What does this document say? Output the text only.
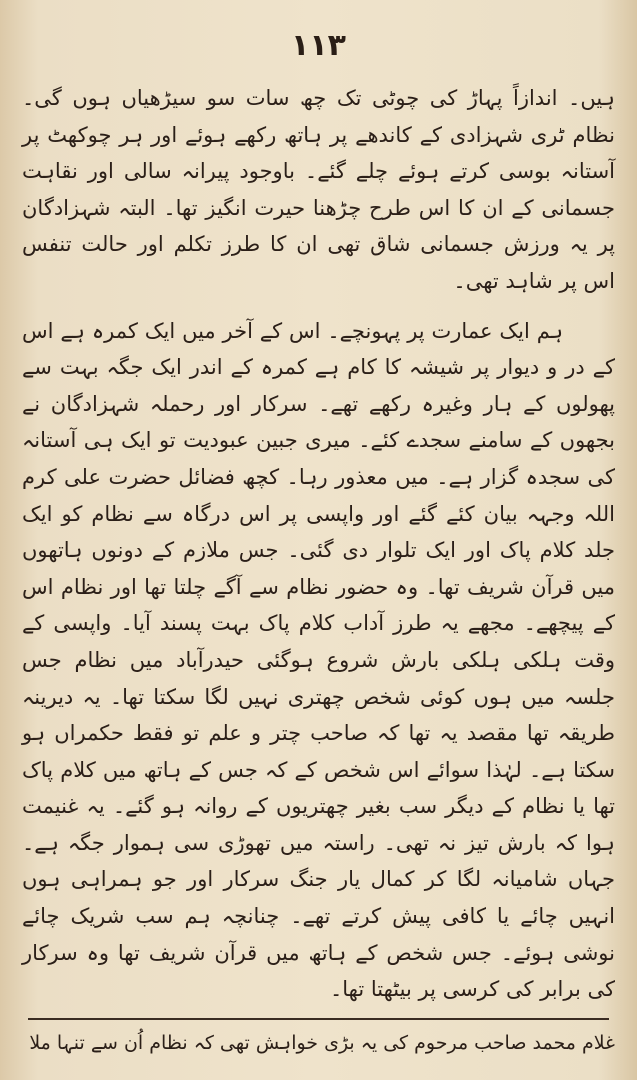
۱۱۳

ہیں۔ اندازاً پہاڑ کی چوٹی تک چھ سات سو سیڑھیاں ہوں گی۔ نظام ٹری شہزادی کے کاندھے پر ہاتھ رکھے ہوئے اور ہر چوکھٹ پر آستانہ بوسی کرتے ہوئے چلے گئے۔ باوجود پیرانہ سالی اور نقاہت جسمانی کے ان کا اس طرح چڑھنا حیرت انگیز تھا۔ البتہ شہزادگان پر یہ ورزش جسمانی شاق تھی ان کا طرز تکلم اور حالت تنفس اس پر شاہد تھی۔

ہم ایک عمارت پر پہونچے۔ اس کے آخر میں ایک کمرہ ہے اس کے در و دیوار پر شیشہ کا کام ہے کمرہ کے اندر ایک جگہ بہت سے پھولوں کے ہار وغیرہ رکھے تھے۔ سرکار اور رحملہ شہزادگان نے بجھوں کے سامنے سجدے کئے۔ میری جبین عبودیت تو ایک ہی آستانہ کی سجدہ گزار ہے۔ میں معذور رہا۔ کچھ فضائل حضرت علی کرم اللہ وجہہ بیان کئے گئے اور واپسی پر اس درگاہ سے نظام کو ایک جلد کلام پاک اور ایک تلوار دی گئی۔ جس ملازم کے دونوں ہاتھوں میں قرآن شریف تھا۔ وہ حضور نظام سے آگے چلتا تھا اور نظام اس کے پیچھے۔ مجھے یہ طرز آداب کلام پاک بہت پسند آیا۔ واپسی کے وقت ہلکی ہلکی بارش شروع ہوگئی حیدرآباد میں نظام جس جلسہ میں ہوں کوئی شخص چھتری نہیں لگا سکتا تھا۔ یہ دیرینہ طریقہ تھا مقصد یہ تھا کہ صاحب چتر و علم تو فقط حکمراں ہو سکتا ہے۔ لہٰذا سوائے اس شخص کے کہ جس کے ہاتھ میں کلام پاک تھا یا نظام کے دیگر سب بغیر چھتریوں کے روانہ ہو گئے۔ یہ غنیمت ہوا کہ بارش تیز نہ تھی۔ راستہ میں تھوڑی سی ہموار جگہ ہے۔ جہاں شامیانہ لگا کر کمال یار جنگ سرکار اور جو ہمراہی ہوں انہیں چائے یا کافی پیش کرتے تھے۔ چنانچہ ہم سب شریک چائے نوشی ہوئے۔ جس شخص کے ہاتھ میں قرآن شریف تھا وہ سرکار کی برابر کی کرسی پر بیٹھتا تھا۔

غلام محمد صاحب مرحوم کی یہ بڑی خواہش تھی کہ نظام اُن سے تنہا ملا
